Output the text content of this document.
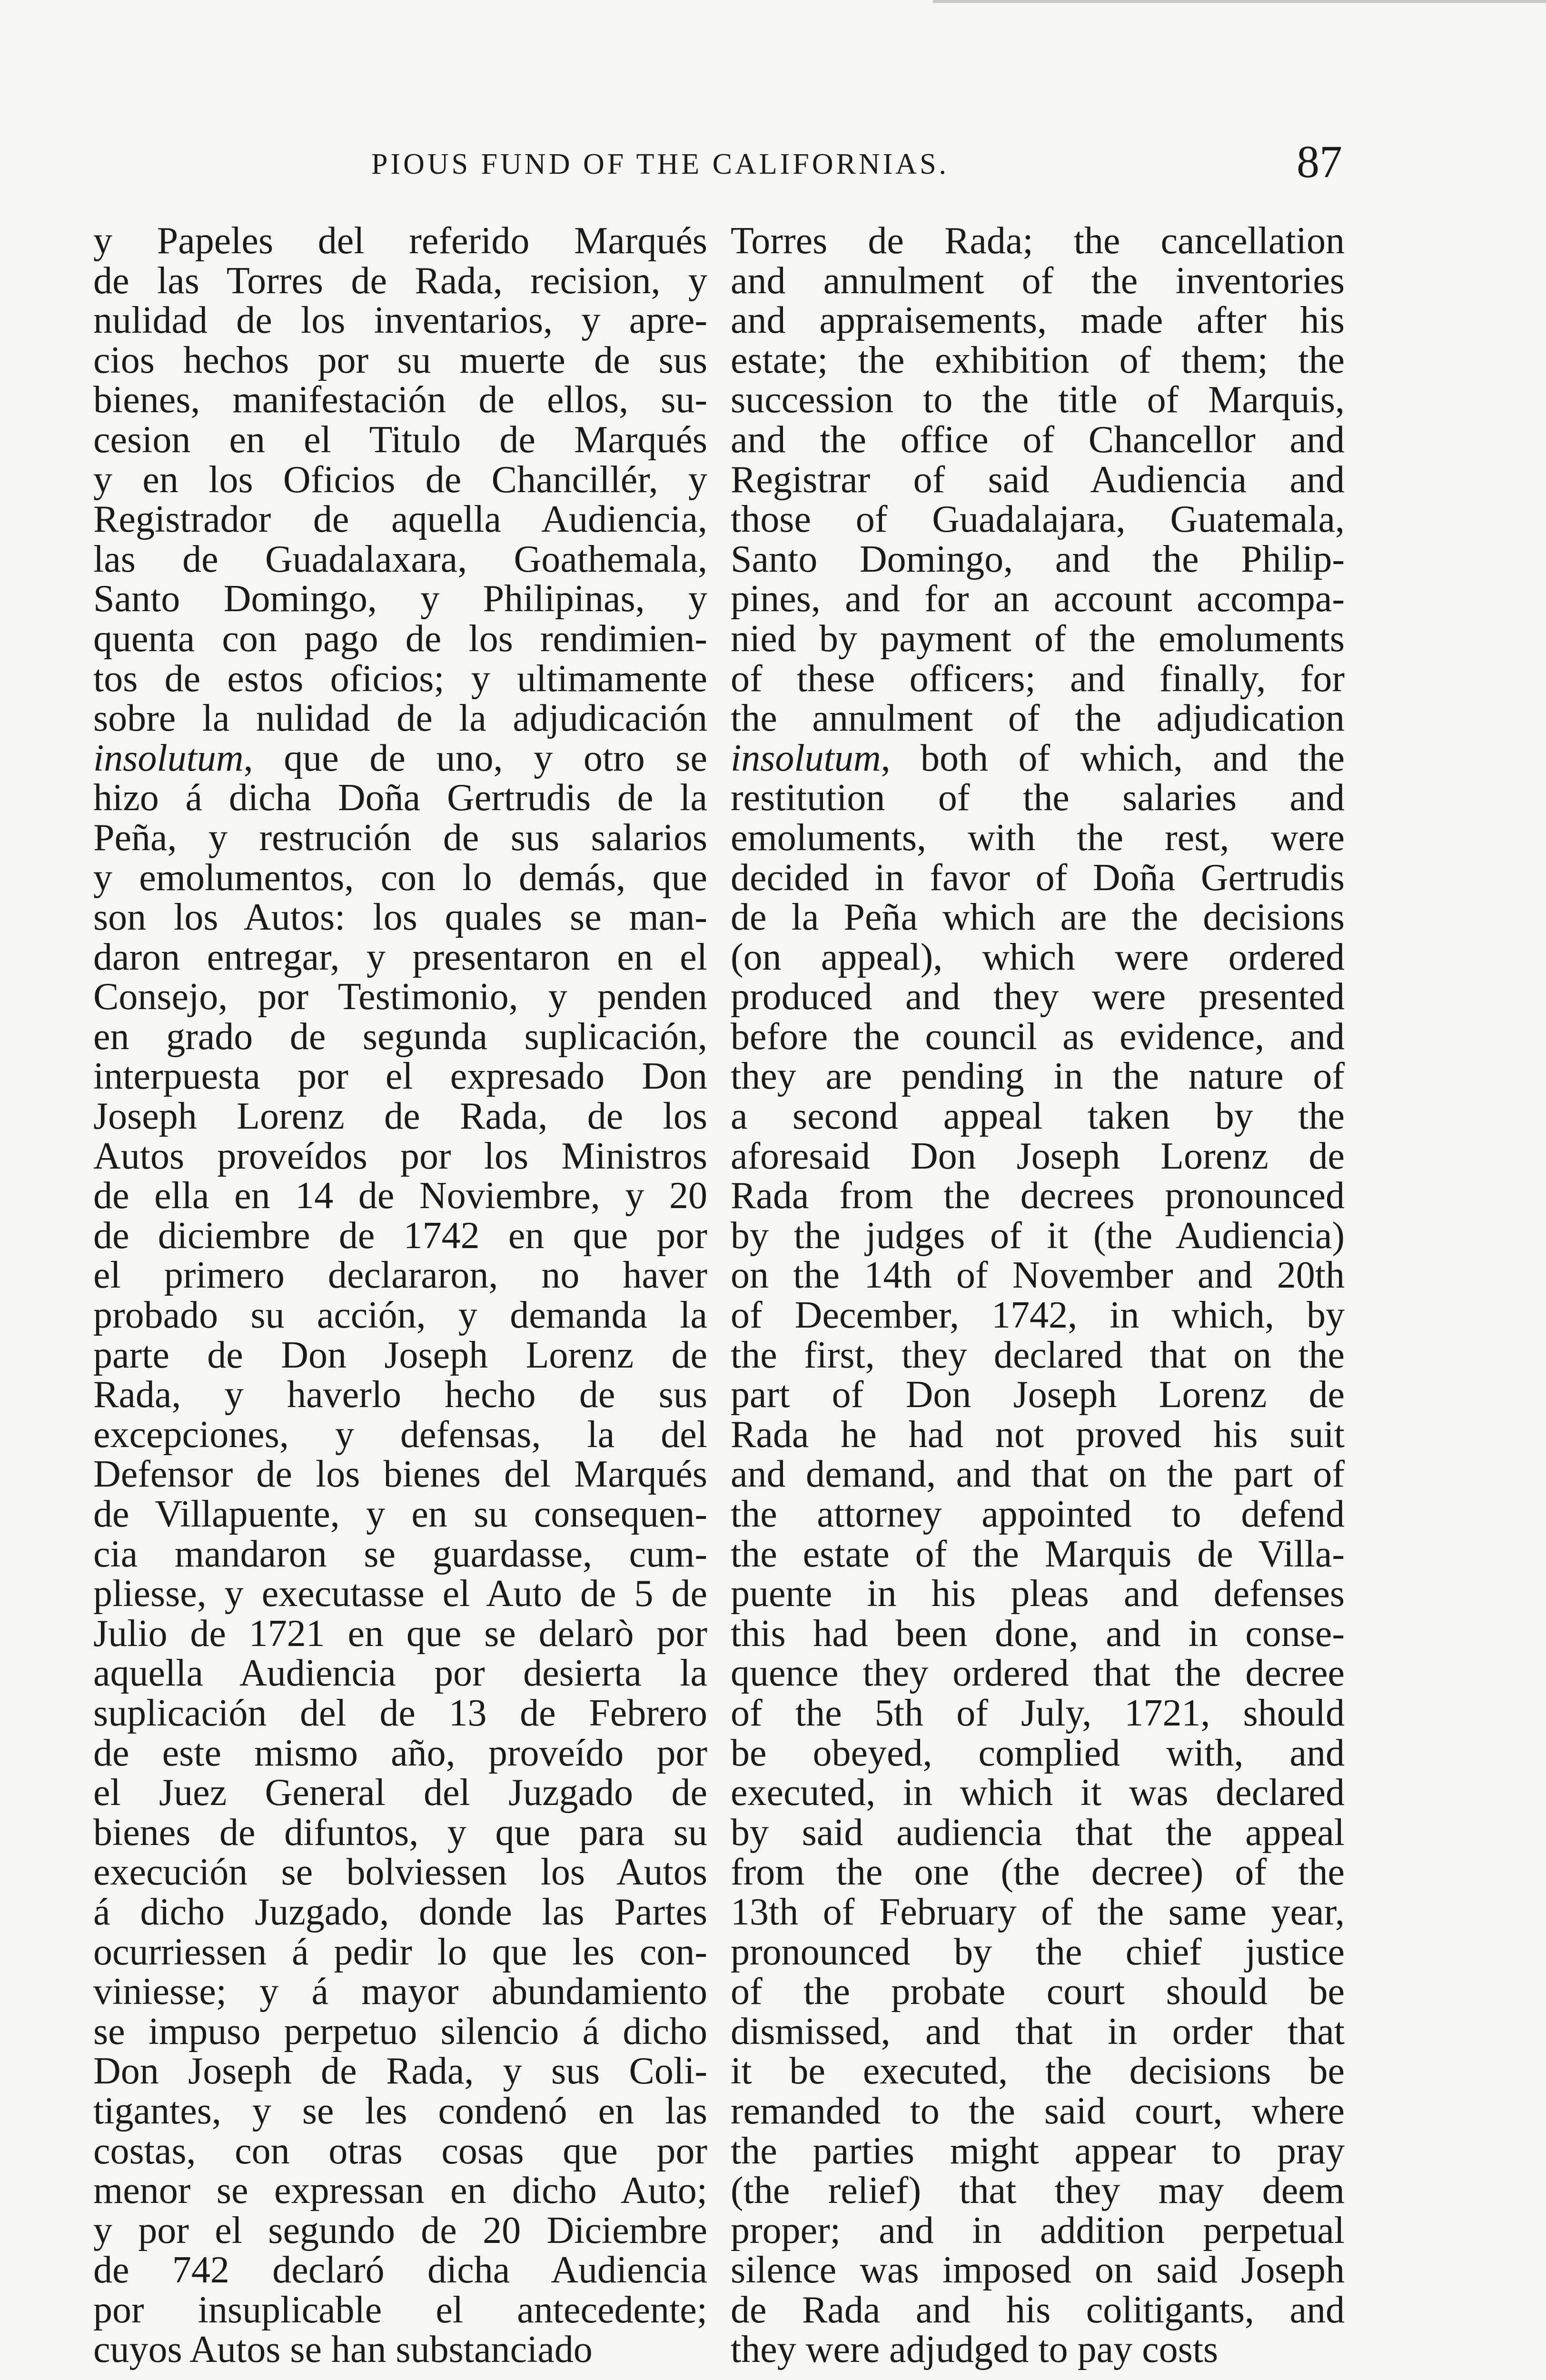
PIOUS FUND OF THE CALIFORNIAS.	87
y Papeles del referido Marqués
de las Torres de Rada, recision, y
nulidad de los inventarios, y apre-
cios hechos por su muerte de sus
bienes, manifestación de ellos, su-
cesion en el Titulo de Marqués
y en los Oficios de Chancillér, y
Registrador de aquella Audiencia,
las de Guadalaxara, Goathemala,
Santo Domingo, y Philipinas, y
quenta con pago de los rendimien-
tos de estos oficios; y ultimamente
sobre la nulidad de la adjudicación
insolutum, que de uno, y otro se
hizo á dicha Doña Gertrudis de la
Peña, y restrución de sus salarios
y emolumentos, con lo demás, que
son los Autos: los quales se man-
daron entregar, y presentaron en el
Consejo, por Testimonio, y penden
en grado de segunda suplicación,
interpuesta por el expresado Don
Joseph Lorenz de Rada, de los
Autos proveídos por los Ministros
de ella en 14 de Noviembre, y 20
de diciembre de 1742 en que por
el primero declararon, no haver
probado su acción, y demanda la
parte de Don Joseph Lorenz de
Rada, y haverlo hecho de sus
excepciones, y defensas, la del
Defensor de los bienes del Marqués
de Villapuente, y en su consequen-
cia mandaron se guardasse, cum-
pliesse, y executasse el Auto de 5 de
Julio de 1721 en que se delarò por
aquella Audiencia por desierta la
suplicación del de 13 de Febrero
de este mismo año, proveído por
el Juez General del Juzgado de
bienes de difuntos, y que para su
execución se bolviessen los Autos
á dicho Juzgado, donde las Partes
ocurriessen á pedir lo que les con-
viniesse; y á mayor abundamiento
se impuso perpetuo silencio á dicho
Don Joseph de Rada, y sus Coli-
tigantes, y se les condenó en las
costas, con otras cosas que por
menor se expressan en dicho Auto;
y por el segundo de 20 Diciembre
de 742 declaró dicha Audiencia
por insuplicable el antecedente;
cuyos Autos se han substanciado
Torres de Rada; the cancellation
and annulment of the inventories
and appraisements, made after his
estate; the exhibition of them; the
succession to the title of Marquis,
and the office of Chancellor and
Registrar of said Audiencia and
those of Guadalajara, Guatemala,
Santo Domingo, and the Philip-
pines, and for an account accompa-
nied by payment of the emoluments
of these officers; and finally, for
the annulment of the adjudication
insolutum, both of which, and the
restitution of the salaries and
emoluments, with the rest, were
decided in favor of Doña Gertrudis
de la Peña which are the decisions
(on appeal), which were ordered
produced and they were presented
before the council as evidence, and
they are pending in the nature of
a second appeal taken by the
aforesaid Don Joseph Lorenz de
Rada from the decrees pronounced
by the judges of it (the Audiencia)
on the 14th of November and 20th
of December, 1742, in which, by
the first, they declared that on the
part of Don Joseph Lorenz de
Rada he had not proved his suit
and demand, and that on the part of
the attorney appointed to defend
the estate of the Marquis de Villa-
puente in his pleas and defenses
this had been done, and in conse-
quence they ordered that the decree
of the 5th of July, 1721, should
be obeyed, complied with, and
executed, in which it was declared
by said audiencia that the appeal
from the one (the decree) of the
13th of February of the same year,
pronounced by the chief justice
of the probate court should be
dismissed, and that in order that
it be executed, the decisions be
remanded to the said court, where
the parties might appear to pray
(the relief) that they may deem
proper; and in addition perpetual
silence was imposed on said Joseph
de Rada and his colitigants, and
they were adjudged to pay costs
